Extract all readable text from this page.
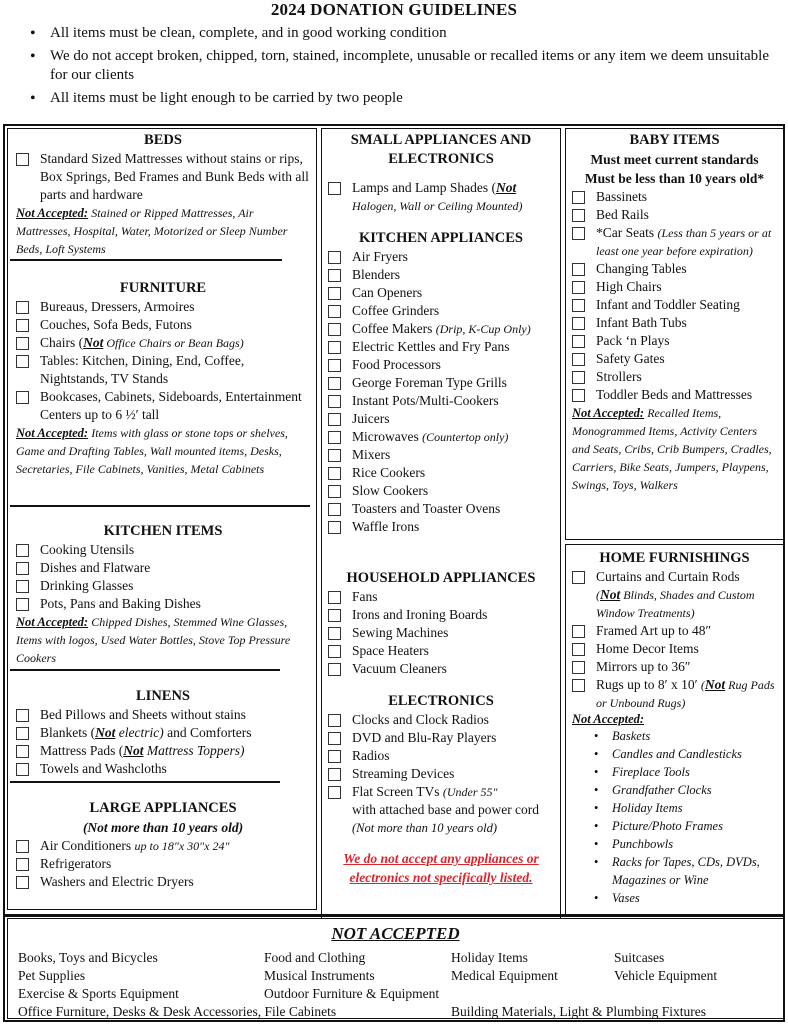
2024 DONATION GUIDELINES
• All items must be clean, complete, and in good working condition
• We do not accept broken, chipped, torn, stained, incomplete, unusable or recalled items or any item we deem unsuitable for our clients
• All items must be light enough to be carried by two people
BEDS
Standard Sized Mattresses without stains or rips, Box Springs, Bed Frames and Bunk Beds with all parts and hardware
Not Accepted: Stained or Ripped Mattresses, Air Mattresses, Hospital, Water, Motorized or Sleep Number Beds, Loft Systems
FURNITURE
Bureaus, Dressers, Armoires
Couches, Sofa Beds, Futons
Chairs (Not Office Chairs or Bean Bags)
Tables: Kitchen, Dining, End, Coffee, Nightstands, TV Stands
Bookcases, Cabinets, Sideboards, Entertainment Centers up to 6 ½′ tall
Not Accepted: Items with glass or stone tops or shelves, Game and Drafting Tables, Wall mounted items, Desks, Secretaries, File Cabinets, Vanities, Metal Cabinets
KITCHEN ITEMS
Cooking Utensils
Dishes and Flatware
Drinking Glasses
Pots, Pans and Baking Dishes
Not Accepted: Chipped Dishes, Stemmed Wine Glasses, Items with logos, Used Water Bottles, Stove Top Pressure Cookers
LINENS
Bed Pillows and Sheets without stains
Blankets (Not electric) and Comforters
Mattress Pads (Not Mattress Toppers)
Towels and Washcloths
LARGE APPLIANCES
(Not more than 10 years old)
Air Conditioners up to 18″x 30″x 24″
Refrigerators
Washers and Electric Dryers
SMALL APPLIANCES AND ELECTRONICS
Lamps and Lamp Shades (Not Halogen, Wall or Ceiling Mounted)
KITCHEN APPLIANCES
Air Fryers
Blenders
Can Openers
Coffee Grinders
Coffee Makers (Drip, K-Cup Only)
Electric Kettles and Fry Pans
Food Processors
George Foreman Type Grills
Instant Pots/Multi-Cookers
Juicers
Microwaves (Countertop only)
Mixers
Rice Cookers
Slow Cookers
Toasters and Toaster Ovens
Waffle Irons
HOUSEHOLD APPLIANCES
Fans
Irons and Ironing Boards
Sewing Machines
Space Heaters
Vacuum Cleaners
ELECTRONICS
Clocks and Clock Radios
DVD and Blu-Ray Players
Radios
Streaming Devices
Flat Screen TVs (Under 55″
with attached base and power cord
(Not more than 10 years old)
We do not accept any appliances or electronics not specifically listed.
BABY ITEMS
Must meet current standards
Must be less than 10 years old*
Bassinets
Bed Rails
*Car Seats (Less than 5 years or at least one year before expiration)
Changing Tables
High Chairs
Infant and Toddler Seating
Infant Bath Tubs
Pack ‘n Plays
Safety Gates
Strollers
Toddler Beds and Mattresses
Not Accepted: Recalled Items, Monogrammed Items, Activity Centers and Seats, Cribs, Crib Bumpers, Cradles, Carriers, Bike Seats, Jumpers, Playpens, Swings, Toys, Walkers
HOME FURNISHINGS
Curtains and Curtain Rods
(Not Blinds, Shades and Custom Window Treatments)
Framed Art up to 48″
Home Decor Items
Mirrors up to 36″
Rugs up to 8′ x 10′ (Not Rug Pads or Unbound Rugs)
Not Accepted:
• Baskets
• Candles and Candlesticks
• Fireplace Tools
• Grandfather Clocks
• Holiday Items
• Picture/Photo Frames
• Punchbowls
• Racks for Tapes, CDs, DVDs, Magazines or Wine
• Vases
NOT ACCEPTED
Books, Toys and Bicycles	Food and Clothing	Holiday Items	Suitcases
Pet Supplies	Musical Instruments	Medical Equipment	Vehicle Equipment
Exercise & Sports Equipment	Outdoor Furniture & Equipment
Office Furniture, Desks & Desk Accessories, File Cabinets	Building Materials, Light & Plumbing Fixtures
